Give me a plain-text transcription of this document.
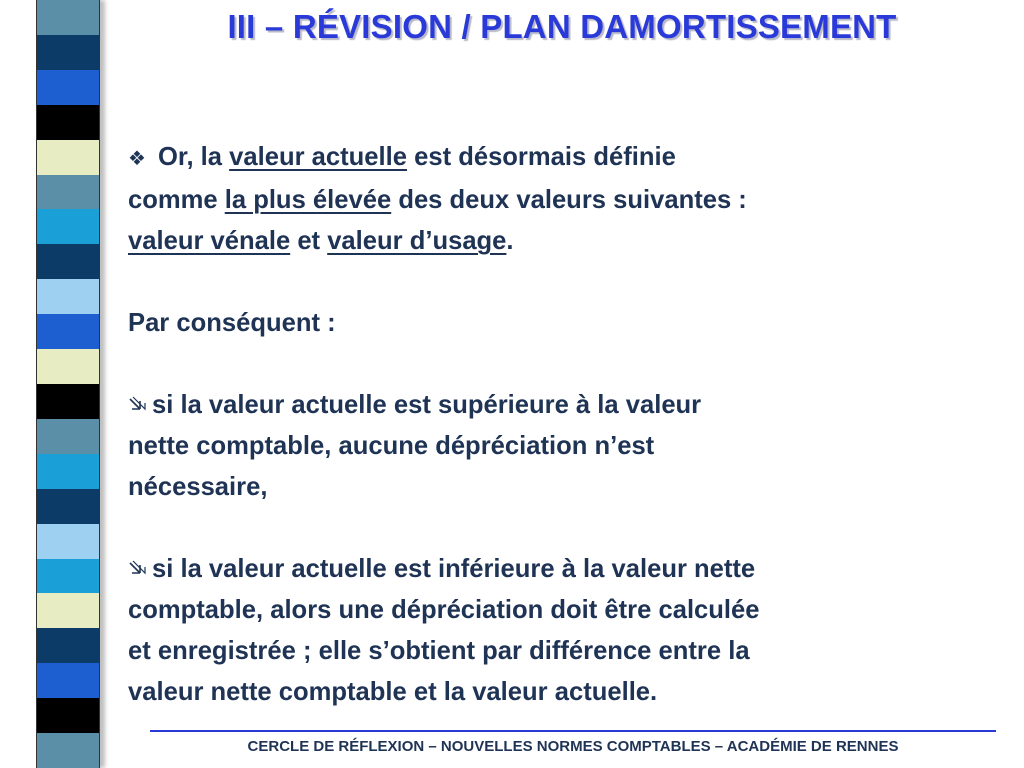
III – RÉVISION / PLAN DAMORTISSEMENT
❖ Or, la valeur actuelle est désormais définie
comme la plus élevée des deux valeurs suivantes :
valeur vénale et valeur d’usage.
Par conséquent :
si la valeur actuelle est supérieure à la valeur
nette comptable, aucune dépréciation n’est
nécessaire,
si la valeur actuelle est inférieure à la valeur nette
comptable, alors une dépréciation doit être calculée
et enregistrée ; elle s’obtient par différence entre la
valeur nette comptable et la valeur actuelle.
CERCLE DE RÉFLEXION – NOUVELLES NORMES COMPTABLES – ACADÉMIE DE RENNES
